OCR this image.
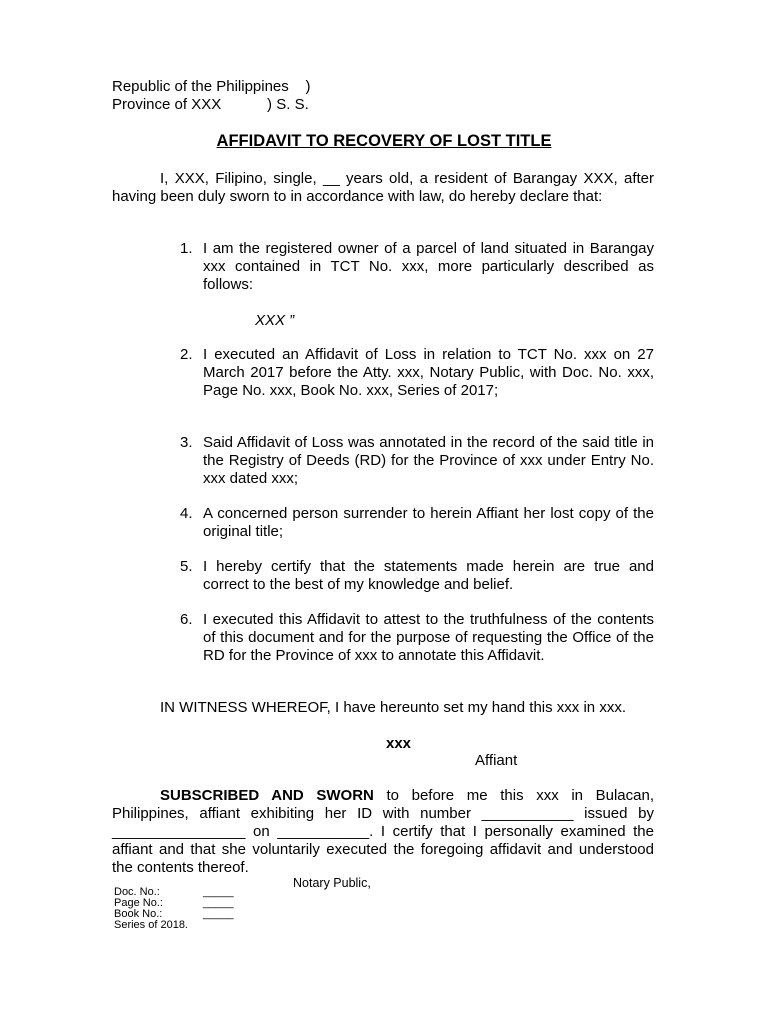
Republic of the Philippines    )
Province of XXX           ) S. S.
AFFIDAVIT TO RECOVERY OF LOST TITLE
I, XXX, Filipino, single, __ years old, a resident of Barangay XXX, after having been duly sworn to in accordance with law, do hereby declare that:
1. I am the registered owner of a parcel of land situated in Barangay xxx contained in TCT No. xxx, more particularly described as follows:
XXX ”
2. I executed an Affidavit of Loss in relation to TCT No. xxx on 27 March 2017 before the Atty. xxx, Notary Public, with Doc. No. xxx, Page No. xxx, Book No. xxx, Series of 2017;
3. Said Affidavit of Loss was annotated in the record of the said title in the Registry of Deeds (RD) for the Province of xxx under Entry No. xxx dated xxx;
4. A concerned person surrender to herein Affiant her lost copy of the original title;
5. I hereby certify that the statements made herein are true and correct to the best of my knowledge and belief.
6. I executed this Affidavit to attest to the truthfulness of the contents of this document and for the purpose of requesting the Office of the RD for the Province of xxx to annotate this Affidavit.
IN WITNESS WHEREOF, I have hereunto set my hand this xxx in xxx.
xxx
Affiant
SUBSCRIBED AND SWORN to before me this xxx in Bulacan, Philippines, affiant exhibiting her ID with number ___________ issued by ________________ on ___________. I certify that I personally examined the affiant and that she voluntarily executed the foregoing affidavit and understood the contents thereof.
Notary Public,
Doc. No.:	_____
Page No.:	_____
Book No.:	_____
Series of 2018.
